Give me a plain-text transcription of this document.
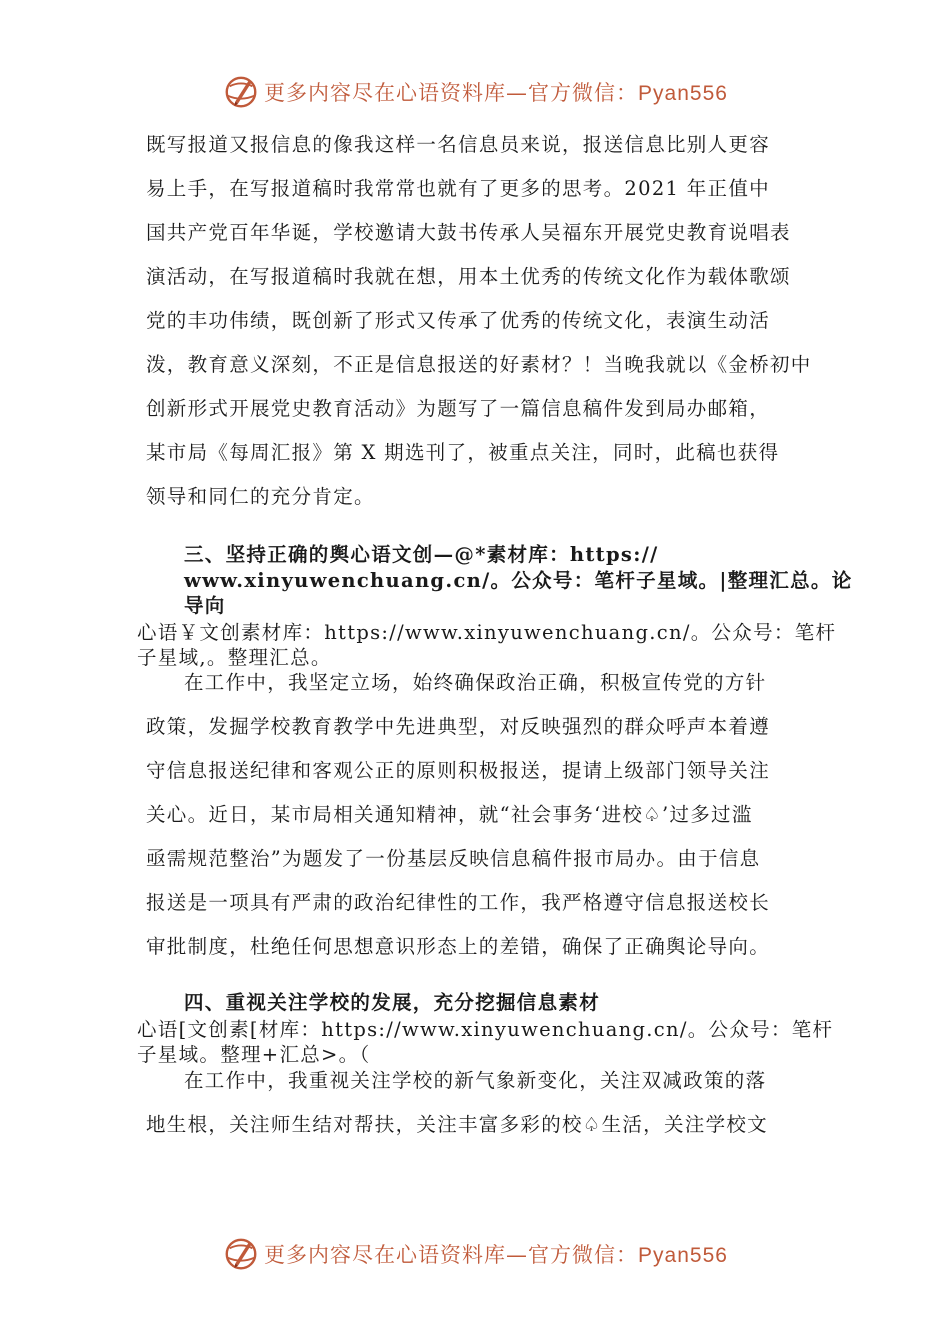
更多内容尽在心语资料库—官方微信：Pyan556
既写报道又报信息的像我这样一名信息员来说，报送信息比别人更容
易上手，在写报道稿时我常常也就有了更多的思考。2021 年正值中
国共产党百年华诞，学校邀请大鼓书传承人吴福东开展党史教育说唱表
演活动，在写报道稿时我就在想，用本土优秀的传统文化作为载体歌颂
党的丰功伟绩，既创新了形式又传承了优秀的传统文化，表演生动活
泼，教育意义深刻，不正是信息报送的好素材？！当晚我就以《金桥初中
创新形式开展党史教育活动》为题写了一篇信息稿件发到局办邮箱，
某市局《每周汇报》第 X 期选刊了，被重点关注，同时，此稿也获得
领导和同仁的充分肯定。
三、坚持正确的舆心语文创—@*素材库：https://
www.xinyuwenchuang.cn/。公众号：笔杆子星域。|整理汇总。论
导向
心语￥文创素材库：https://www.xinyuwenchuang.cn/。公众号：笔杆
子星域,。整理汇总。
在工作中，我坚定立场，始终确保政治正确，积极宣传党的方针
政策，发掘学校教育教学中先进典型，对反映强烈的群众呼声本着遵
守信息报送纪律和客观公正的原则积极报送，提请上级部门领导关注
关心。近日，某市局相关通知精神，就“社会事务‘进校♤’过多过滥
亟需规范整治”为题发了一份基层反映信息稿件报市局办。由于信息
报送是一项具有严肃的政治纪律性的工作，我严格遵守信息报送校长
审批制度，杜绝任何思想意识形态上的差错，确保了正确舆论导向。
四、重视关注学校的发展，充分挖掘信息素材
心语[文创素[材库：https://www.xinyuwenchuang.cn/。公众号：笔杆
子星域。整理+汇总>。（
在工作中，我重视关注学校的新气象新变化，关注双减政策的落
地生根，关注师生结对帮扶，关注丰富多彩的校♤生活，关注学校文
更多内容尽在心语资料库—官方微信：Pyan556
